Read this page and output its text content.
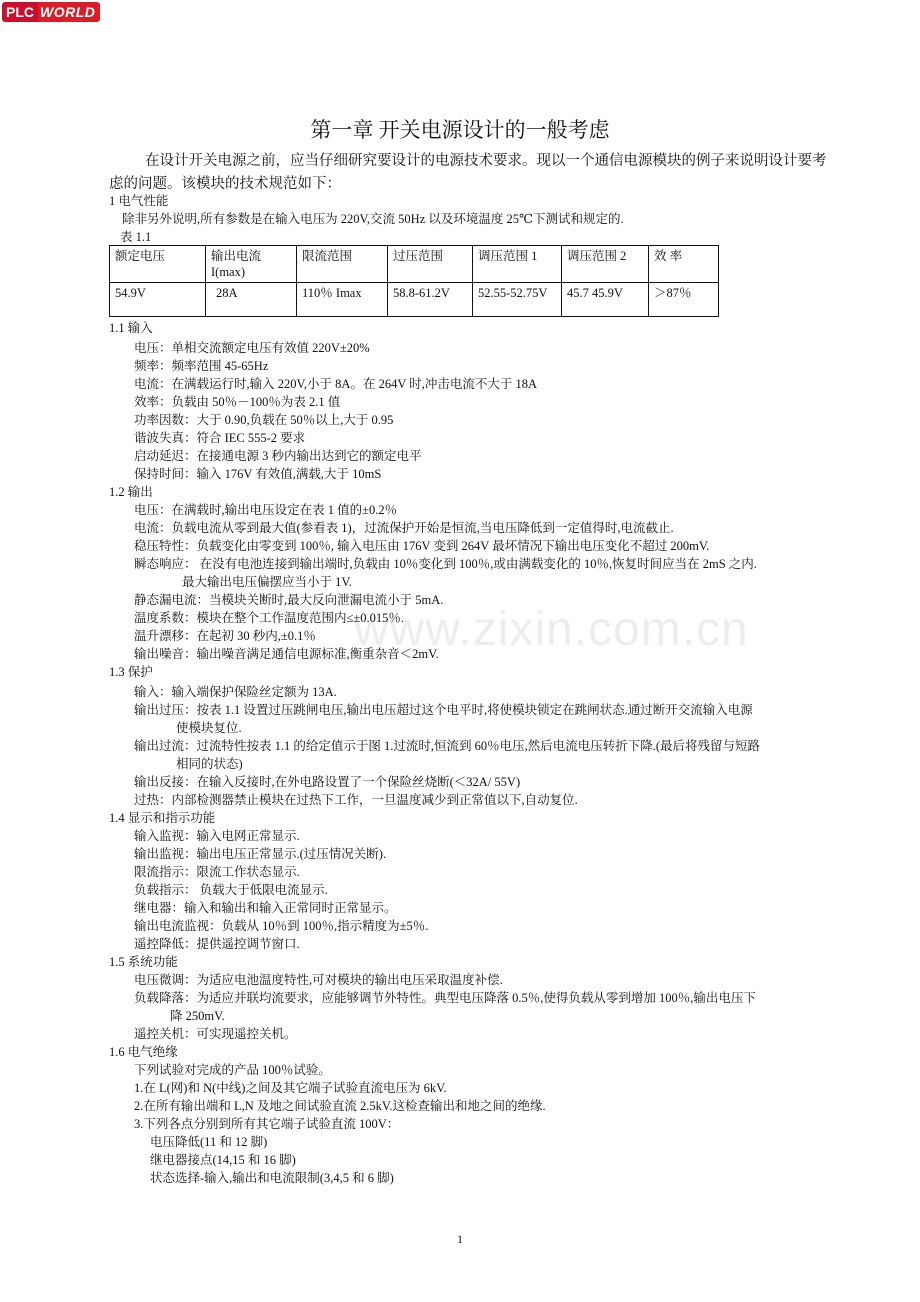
PLC WORLD
www.zixin.com.cn
第一章 开关电源设计的一般考虑
在设计开关电源之前，应当仔细研究要设计的电源技术要求。现以一个通信电源模块的例子来说明设计要考虑的问题。该模块的技术规范如下：
1 电气性能
除非另外说明,所有参数是在输入电压为 220V,交流 50Hz 以及环境温度 25℃下测试和规定的.
表 1.1
额定电压	输出电流 I(max)	限流范围	过压范围	调压范围 1	调压范围 2	效 率
54.9V	28A	110％ Imax	58.8-61.2V	52.55-52.75V	45.7 45.9V	＞87％
1.1 输入
电压：单相交流额定电压有效值 220V±20%
频率：频率范围 45-65Hz
电流：在满载运行时,输入 220V,小于 8A。在 264V 时,冲击电流不大于 18A
效率：负载由 50％－100％为表 2.1 值
功率因数：大于 0.90,负载在 50％以上,大于 0.95
谐波失真：符合 IEC 555-2 要求
启动延迟：在接通电源 3 秒内输出达到它的额定电平
保持时间：输入 176V 有效值,满载,大于 10mS
1.2 输出
电压：在满载时,输出电压设定在表 1 值的±0.2％
电流：负载电流从零到最大值(参看表 1)，过流保护开始是恒流,当电压降低到一定值得时,电流截止.
稳压特性：负载变化由零变到 100％, 输入电压由 176V 变到 264V 最坏情况下输出电压变化不超过 200mV.
瞬态响应： 在没有电池连接到输出端时,负载由 10％变化到 100％,或由满载变化的 10％,恢复时间应当在 2mS 之内.
最大输出电压偏摆应当小于 1V.
静态漏电流：当模块关断时,最大反向泄漏电流小于 5mA.
温度系数：模块在整个工作温度范围内≤±0.015％.
温升漂移：在起初 30 秒内,±0.1％
输出噪音：输出噪音满足通信电源标准,衡重杂音＜2mV.
1.3 保护
输入：输入端保护保险丝定额为 13A.
输出过压：按表 1.1 设置过压跳闸电压,输出电压超过这个电平时,将使模块锁定在跳闸状态.通过断开交流输入电源
使模块复位.
输出过流：过流特性按表 1.1 的给定值示于图 1.过流时,恒流到 60％电压,然后电流电压转折下降.(最后将残留与短路
相同的状态)
输出反接：在输入反接时,在外电路设置了一个保险丝烧断(＜32A/ 55V)
过热：内部检测器禁止模块在过热下工作，一旦温度减少到正常值以下,自动复位.
1.4 显示和指示功能
输入监视：输入电网正常显示.
输出监视：输出电压正常显示.(过压情况关断).
限流指示：限流工作状态显示.
负载指示： 负载大于低限电流显示.
继电器：输入和输出和输入正常同时正常显示。
输出电流监视：负载从 10％到 100％,指示精度为±5％.
遥控降低：提供遥控调节窗口.
1.5 系统功能
电压微调：为适应电池温度特性,可对模块的输出电压采取温度补偿.
负载降落：为适应并联均流要求，应能够调节外特性。典型电压降落 0.5％,使得负载从零到增加 100％,输出电压下
降 250mV.
遥控关机：可实现遥控关机。
1.6 电气绝缘
下列试验对完成的产品 100％试验。
1.在 L(网)和 N(中线)之间及其它端子试验直流电压为 6kV.
2.在所有输出端和 L,N 及地之间试验直流 2.5kV.这检查输出和地之间的绝缘.
3.下列各点分别到所有其它端子试验直流 100V：
电压降低(11 和 12 脚)
继电器接点(14,15 和 16 脚)
状态选择-输入,输出和电流限制(3,4,5 和 6 脚)
1
